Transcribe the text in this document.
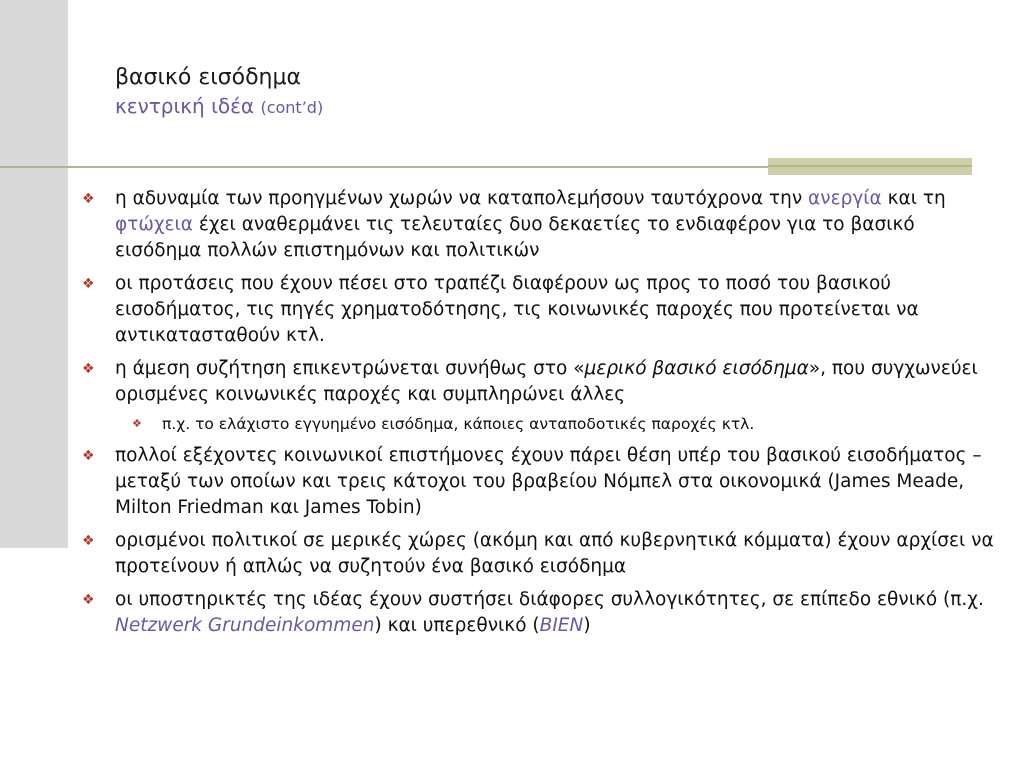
βασικό εισόδημα
κεντρική ιδέα (cont’d)
❖ η αδυναμία των προηγμένων χωρών να καταπολεμήσουν ταυτόχρονα την ανεργία και τη φτώχεια έχει αναθερμάνει τις τελευταίες δυο δεκαετίες το ενδιαφέρον για το βασικό εισόδημα πολλών επιστημόνων και πολιτικών
❖ οι προτάσεις που έχουν πέσει στο τραπέζι διαφέρουν ως προς το ποσό του βασικού εισοδήματος, τις πηγές χρηματοδότησης, τις κοινωνικές παροχές που προτείνεται να αντικατασταθούν κτλ.
❖ η άμεση συζήτηση επικεντρώνεται συνήθως στο «μερικό βασικό εισόδημα», που συγχωνεύει ορισμένες κοινωνικές παροχές και συμπληρώνει άλλες
❖ π.χ. το ελάχιστο εγγυημένο εισόδημα, κάποιες ανταποδοτικές παροχές κτλ.
❖ πολλοί εξέχοντες κοινωνικοί επιστήμονες έχουν πάρει θέση υπέρ του βασικού εισοδήματος – μεταξύ των οποίων και τρεις κάτοχοι του βραβείου Νόμπελ στα οικονομικά (James Meade, Milton Friedman και James Tobin)
❖ ορισμένοι πολιτικοί σε μερικές χώρες (ακόμη και από κυβερνητικά κόμματα) έχουν αρχίσει να προτείνουν ή απλώς να συζητούν ένα βασικό εισόδημα
❖ οι υποστηρικτές της ιδέας έχουν συστήσει διάφορες συλλογικότητες, σε επίπεδο εθνικό (π.χ. Netzwerk Grundeinkommen) και υπερεθνικό (BIEN)
